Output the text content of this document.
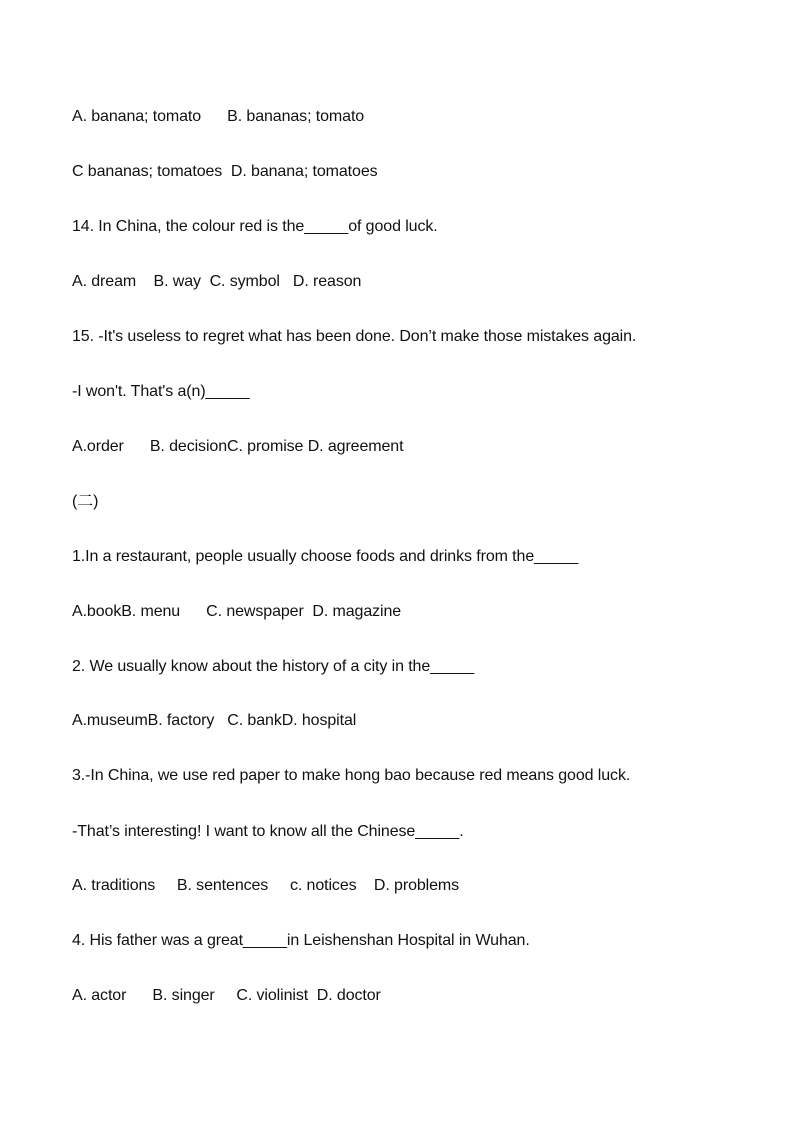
A. banana; tomato      B. bananas; tomato

C bananas; tomatoes  D. banana; tomatoes

14. In China, the colour red is the_____of good luck.

A. dream    B. way  C. symbol   D. reason

15. -It's useless to regret what has been done. Don’t make those mistakes again.

-I won't. That's a(n)_____

A.order      B. decisionC. promise D. agreement

(二)

1.In a restaurant, people usually choose foods and drinks from the_____

A.bookB. menu      C. newspaper  D. magazine

2. We usually know about the history of a city in the_____

A.museumB. factory   C. bankD. hospital

3.-In China, we use red paper to make hong bao because red means good luck.

-That’s interesting! I want to know all the Chinese_____.

A. traditions     B. sentences     c. notices    D. problems

4. His father was a great_____in Leishenshan Hospital in Wuhan.

A. actor      B. singer     C. violinist  D. doctor
